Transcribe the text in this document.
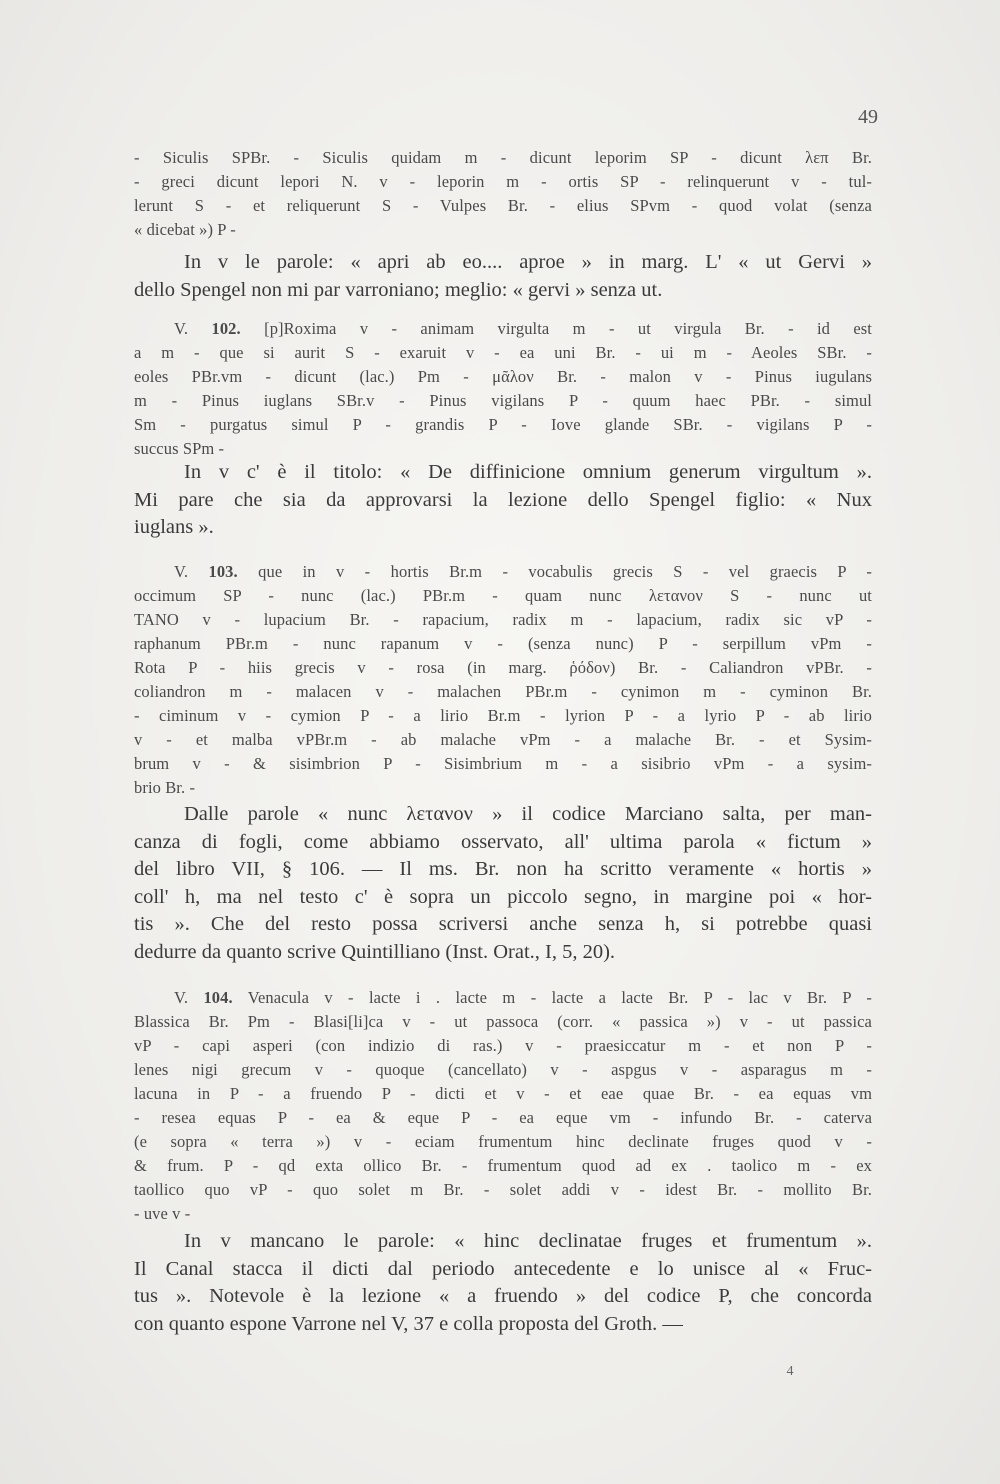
49
- Siculis SPBr. - Siculis quidam m - dicunt leporim SP - dicunt λεπ Br.
- greci dicunt lepori N. v - leporin m - ortis SP - relinquerunt v - tul-
lerunt S - et reliquerunt S - Vulpes Br. - elius SPvm - quod volat (senza
« dicebat ») P -
In v le parole: « apri ab eo.... aproe » in marg. L' « ut Gervi »
dello Spengel non mi par varroniano; meglio: « gervi » senza ut.
V. 102. [p]Roxima v - animam virgulta m - ut virgula Br. - id est
a m - que si aurit S - exaruit v - ea uni Br. - ui m - Aeoles SBr. -
eoles PBr.vm - dicunt (lac.) Pm - μᾶλον Br. - malon v - Pinus iugulans
m - Pinus iuglans SBr.v - Pinus vigilans P - quum haec PBr. - simul
Sm - purgatus simul P - grandis P - Iove glande SBr. - vigilans P -
succus SPm -
In v c' è il titolo: « De diffinicione omnium generum virgultum ».
Mi pare che sia da approvarsi la lezione dello Spengel figlio: « Nux
iuglans ».
V. 103. que in v - hortis Br.m - vocabulis grecis S - vel graecis P -
occimum SP - nunc (lac.) PBr.m - quam nunc λετανον S - nunc ut
TANO v - lupacium Br. - rapacium, radix m - lapacium, radix sic vP -
raphanum PBr.m - nunc rapanum v - (senza nunc) P - serpillum vPm -
Rota P - hiis grecis v - rosa (in marg. ῥόδον) Br. - Caliandron vPBr. -
coliandron m - malacen v - malachen PBr.m - cynimon m - cyminon Br.
- ciminum v - cymion P - a lirio Br.m - lyrion P - a lyrio P - ab lirio
v - et malba vPBr.m - ab malache vPm - a malache Br. - et Sysim-
brum v - & sisimbrion P - Sisimbrium m - a sisibrio vPm - a sysim-
brio Br. -
Dalle parole « nunc λετανον » il codice Marciano salta, per man-
canza di fogli, come abbiamo osservato, all' ultima parola « fictum »
del libro VII, § 106. — Il ms. Br. non ha scritto veramente « hortis »
coll' h, ma nel testo c' è sopra un piccolo segno, in margine poi « hor-
tis ». Che del resto possa scriversi anche senza h, si potrebbe quasi
dedurre da quanto scrive Quintilliano (Inst. Orat., I, 5, 20).
V. 104. Venacula v - lacte i . lacte m - lacte a lacte Br. P - lac v Br. P -
Blassica Br. Pm - Blasi[li]ca v - ut passoca (corr. « passica ») v - ut passica
vP - capi asperi (con indizio di ras.) v - praesiccatur m - et non P -
lenes nigi grecum v - quoque (cancellato) v - aspgus v - asparagus m -
lacuna in P - a fruendo P - dicti et v - et eae quae Br. - ea equas vm
- resea equas P - ea & eque P - ea eque vm - infundo Br. - caterva
(e sopra « terra ») v - eciam frumentum hinc declinate fruges quod v -
& frum. P - qd exta ollico Br. - frumentum quod ad ex . taolico m - ex
taollico quo vP - quo solet m Br. - solet addi v - idest Br. - mollito Br.
- uve v -
In v mancano le parole: « hinc declinatae fruges et frumentum ».
Il Canal stacca il dicti dal periodo antecedente e lo unisce al « Fruc-
tus ». Notevole è la lezione « a fruendo » del codice P, che concorda
con quanto espone Varrone nel V, 37 e colla proposta del Groth. —
4
